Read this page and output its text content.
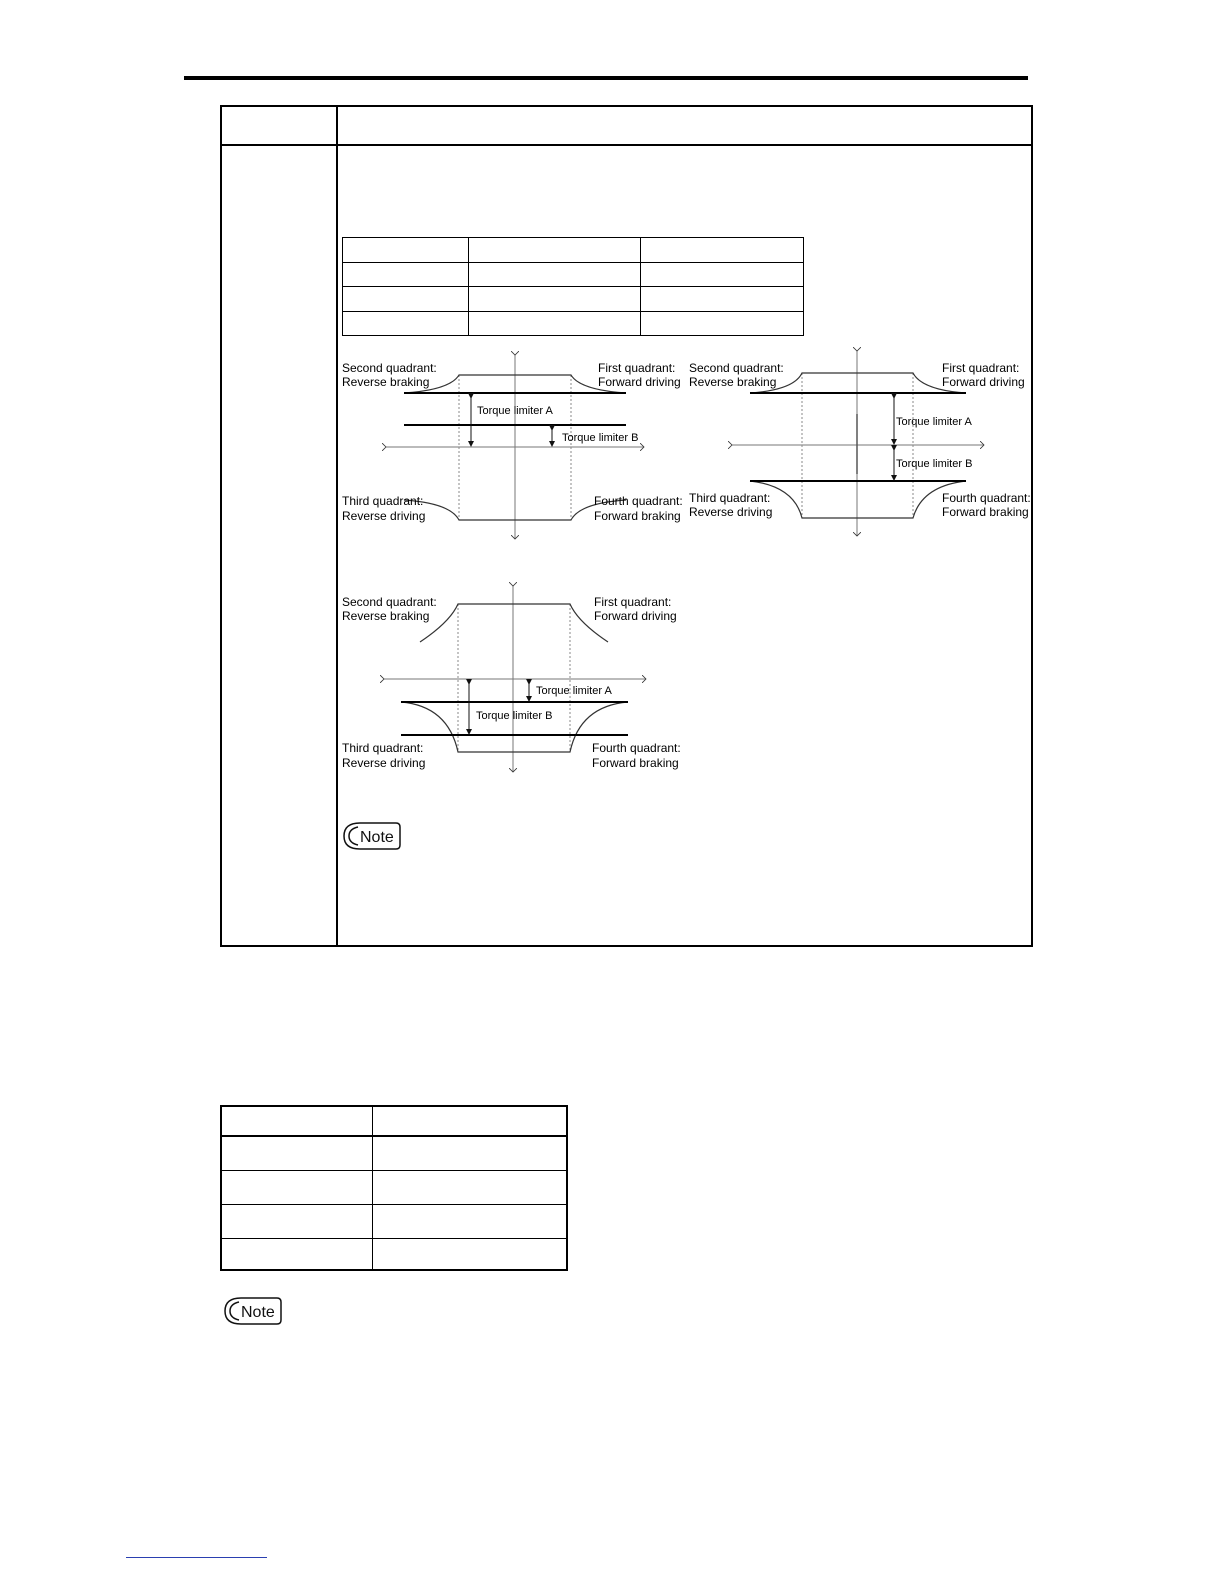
Torque limiter A
Torque limiter B
Second quadrant:
Reverse braking
First quadrant:
Forward driving
Third quadrant:
Reverse driving
Fourth quadrant:
Forward braking
Torque limiter A
Torque limiter B
Second quadrant:
Reverse braking
First quadrant:
Forward driving
Third quadrant:
Reverse driving
Fourth quadrant:
Forward braking
Torque limiter A
Torque limiter B
Second quadrant:
Reverse braking
First quadrant:
Forward driving
Third quadrant:
Reverse driving
Fourth quadrant:
Forward braking
Note

Note
